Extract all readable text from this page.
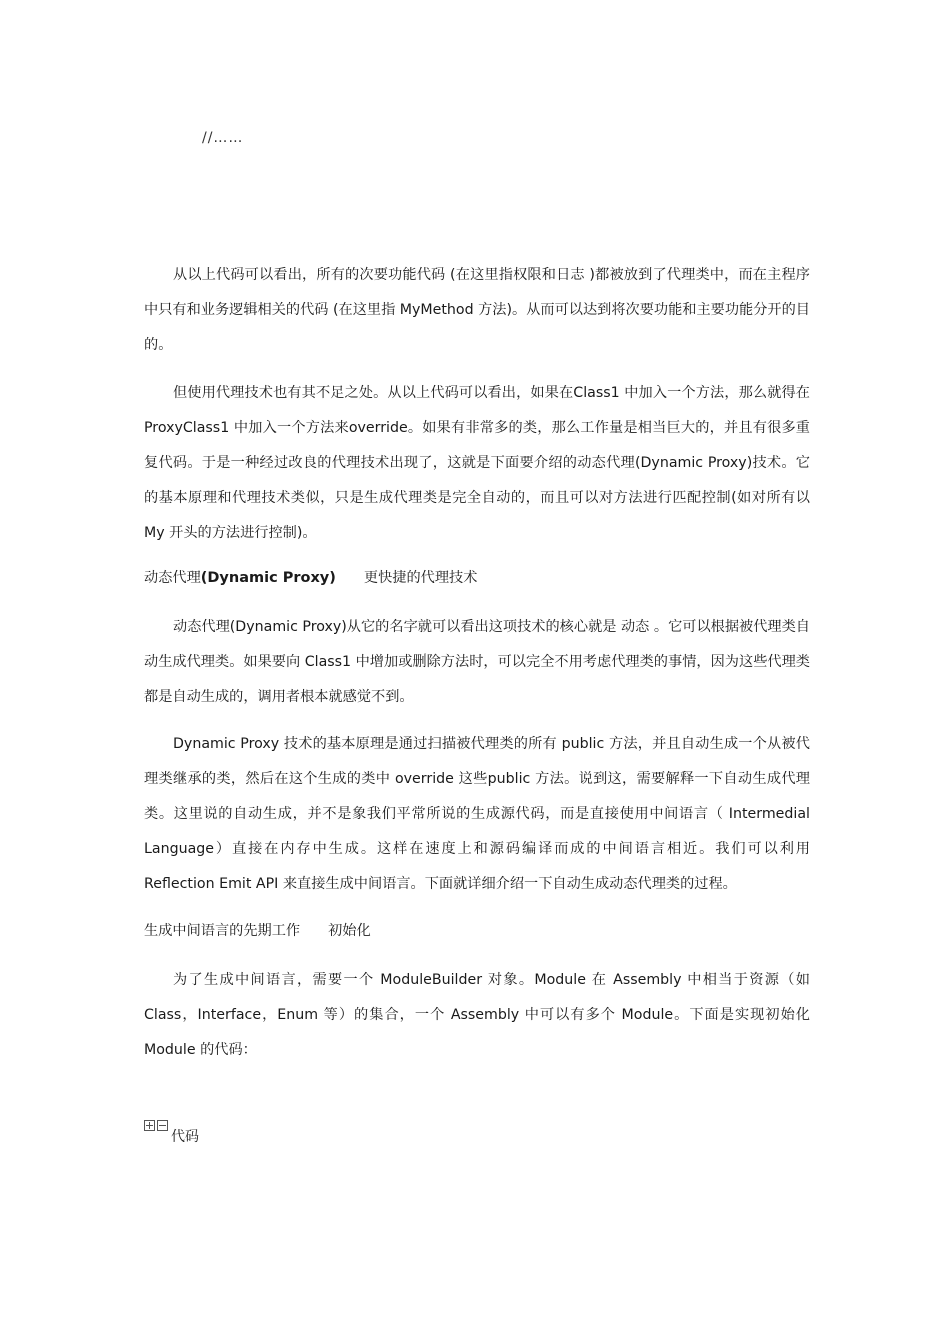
//……

从以上代码可以看出，所有的次要功能代码 (在这里指权限和日志 )都被放到了代理类中，而在主程序中只有和业务逻辑相关的代码 (在这里指 MyMethod 方法)。从而可以达到将次要功能和主要功能分开的目的。

但使用代理技术也有其不足之处。从以上代码可以看出，如果在Class1 中加入一个方法，那么就得在 ProxyClass1 中加入一个方法来override。如果有非常多的类，那么工作量是相当巨大的，并且有很多重复代码。于是一种经过改良的代理技术出现了，这就是下面要介绍的动态代理(Dynamic Proxy)技术。它的基本原理和代理技术类似，只是生成代理类是完全自动的，而且可以对方法进行匹配控制(如对所有以 My 开头的方法进行控制)。

动态代理(Dynamic Proxy) 更快捷的代理技术

动态代理(Dynamic Proxy)从它的名字就可以看出这项技术的核心就是 动态 。它可以根据被代理类自动生成代理类。如果要向 Class1 中增加或删除方法时，可以完全不用考虑代理类的事情，因为这些代理类都是自动生成的，调用者根本就感觉不到。

Dynamic Proxy 技术的基本原理是通过扫描被代理类的所有 public 方法，并且自动生成一个从被代理类继承的类，然后在这个生成的类中 override 这些public 方法。说到这，需要解释一下自动生成代理类。这里说的自动生成，并不是象我们平常所说的生成源代码，而是直接使用中间语言（ Intermedial Language）直接在内存中生成。这样在速度上和源码编译而成的中间语言相近。我们可以利用 Reflection Emit API 来直接生成中间语言。下面就详细介绍一下自动生成动态代理类的过程。

生成中间语言的先期工作 初始化

为了生成中间语言，需要一个 ModuleBuilder 对象。Module 在 Assembly 中相当于资源（如 Class，Interface，Enum 等）的集合，一个 Assembly 中可以有多个 Module。下面是实现初始化 Module 的代码：

代码
